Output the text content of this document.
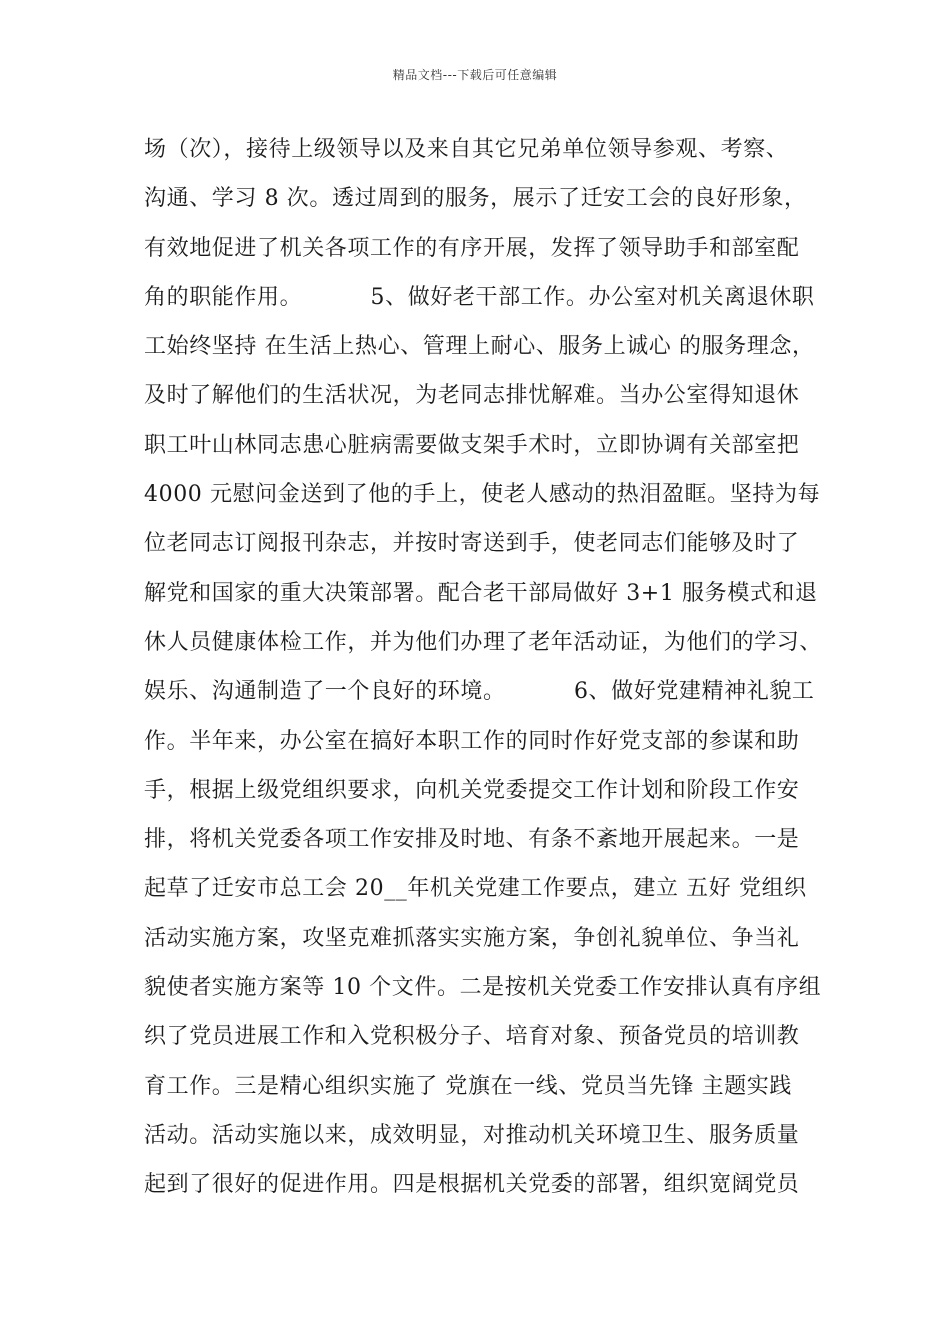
精品文档---下载后可任意编辑
场（次），接待上级领导以及来自其它兄弟单位领导参观、考察、
沟通、学习 8 次。透过周到的服务，展示了迁安工会的良好形象，
有效地促进了机关各项工作的有序开展，发挥了领导助手和部室配
角的职能作用。         5、做好老干部工作。办公室对机关离退休职
工始终坚持 在生活上热心、管理上耐心、服务上诚心 的服务理念，
及时了解他们的生活状况，为老同志排忧解难。当办公室得知退休
职工叶山林同志患心脏病需要做支架手术时，立即协调有关部室把
4000 元慰问金送到了他的手上，使老人感动的热泪盈眶。坚持为每
位老同志订阅报刊杂志，并按时寄送到手，使老同志们能够及时了
解党和国家的重大决策部署。配合老干部局做好 3+1 服务模式和退
休人员健康体检工作，并为他们办理了老年活动证，为他们的学习、
娱乐、沟通制造了一个良好的环境。         6、做好党建精神礼貌工
作。半年来，办公室在搞好本职工作的同时作好党支部的参谋和助
手，根据上级党组织要求，向机关党委提交工作计划和阶段工作安
排，将机关党委各项工作安排及时地、有条不紊地开展起来。一是
起草了迁安市总工会 20__年机关党建工作要点，建立 五好 党组织
活动实施方案，攻坚克难抓落实实施方案，争创礼貌单位、争当礼
貌使者实施方案等 10 个文件。二是按机关党委工作安排认真有序组
织了党员进展工作和入党积极分子、培育对象、预备党员的培训教
育工作。三是精心组织实施了 党旗在一线、党员当先锋 主题实践
活动。活动实施以来，成效明显，对推动机关环境卫生、服务质量
起到了很好的促进作用。四是根据机关党委的部署，组织宽阔党员
